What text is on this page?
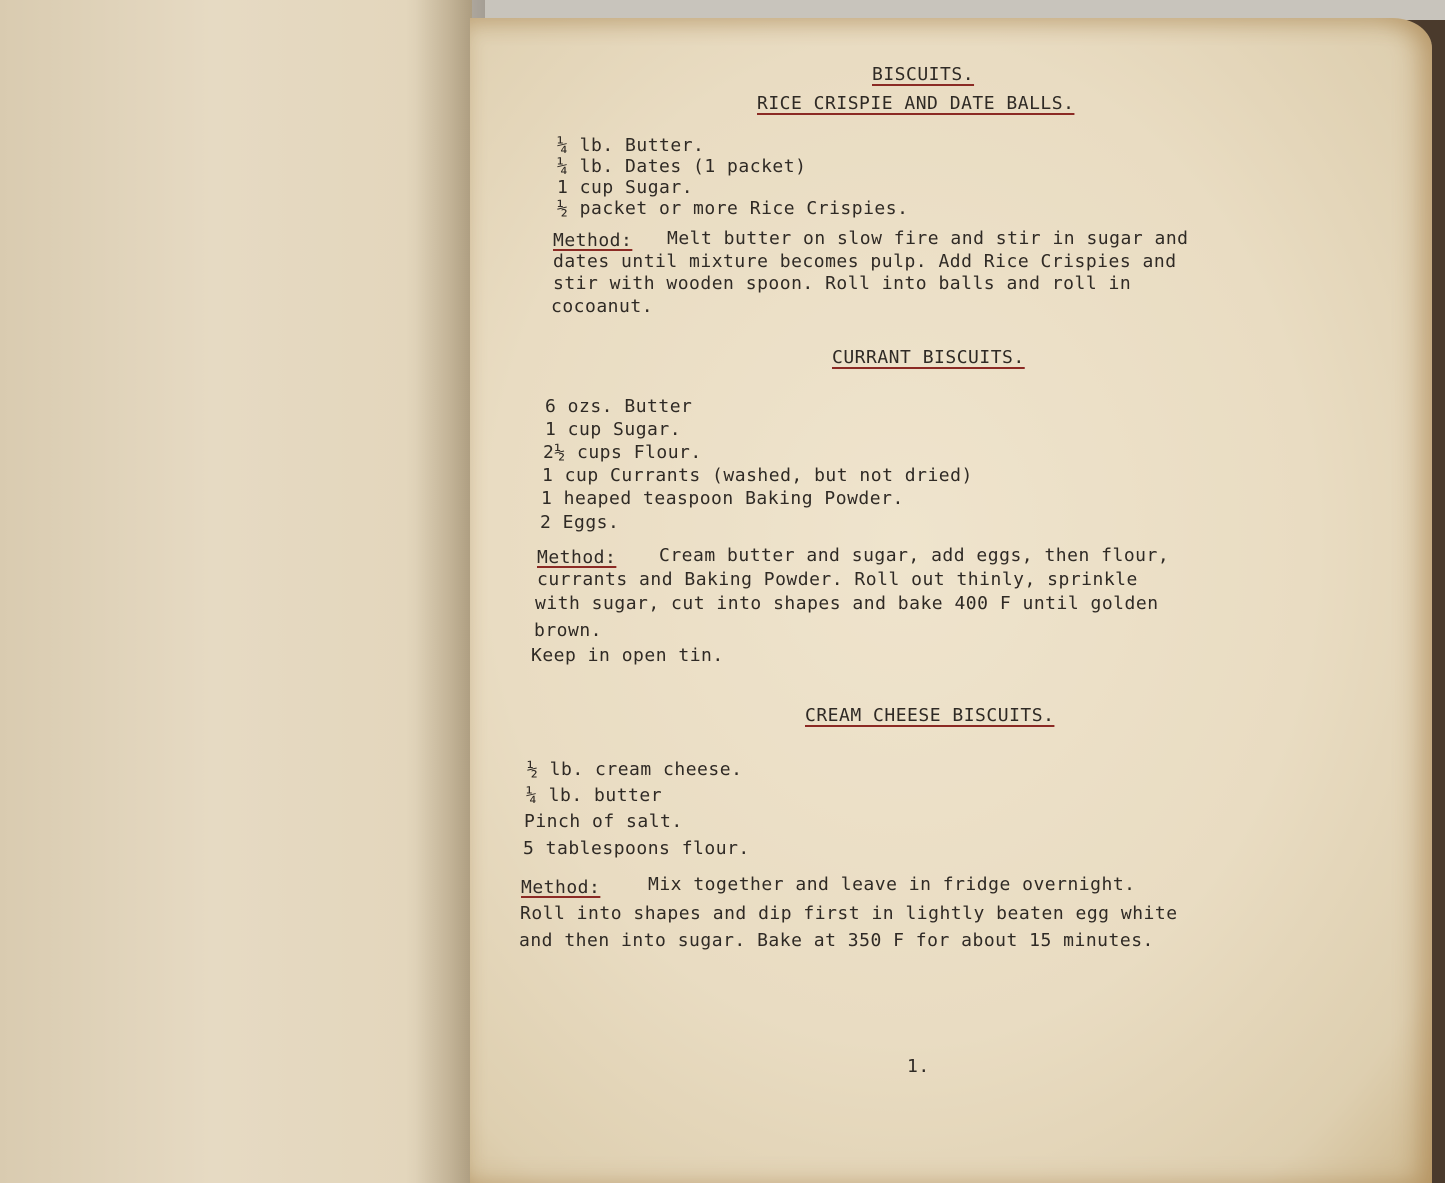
BISCUITS.
RICE CRISPIE AND DATE BALLS.
¼ lb. Butter.
¼ lb. Dates (1 packet)
1 cup Sugar.
½ packet or more Rice Crispies.
Method: Melt butter on slow fire and stir in sugar and
dates until mixture becomes pulp. Add Rice Crispies and
stir with wooden spoon. Roll into balls and roll in
cocoanut.
CURRANT BISCUITS.
6 ozs. Butter
1 cup Sugar.
2½ cups Flour.
1 cup Currants (washed, but not dried)
1 heaped teaspoon Baking Powder.
2 Eggs.
Method: Cream butter and sugar, add eggs, then flour,
currants and Baking Powder. Roll out thinly, sprinkle
with sugar, cut into shapes and bake 400 F until golden
brown.
Keep in open tin.
CREAM CHEESE BISCUITS.
½ lb. cream cheese.
¼ lb. butter
Pinch of salt.
5 tablespoons flour.
Method:	Mix together and leave in fridge overnight.
Roll into shapes and dip first in lightly beaten egg white
and then into sugar. Bake at 350 F for about 15 minutes.
1.
